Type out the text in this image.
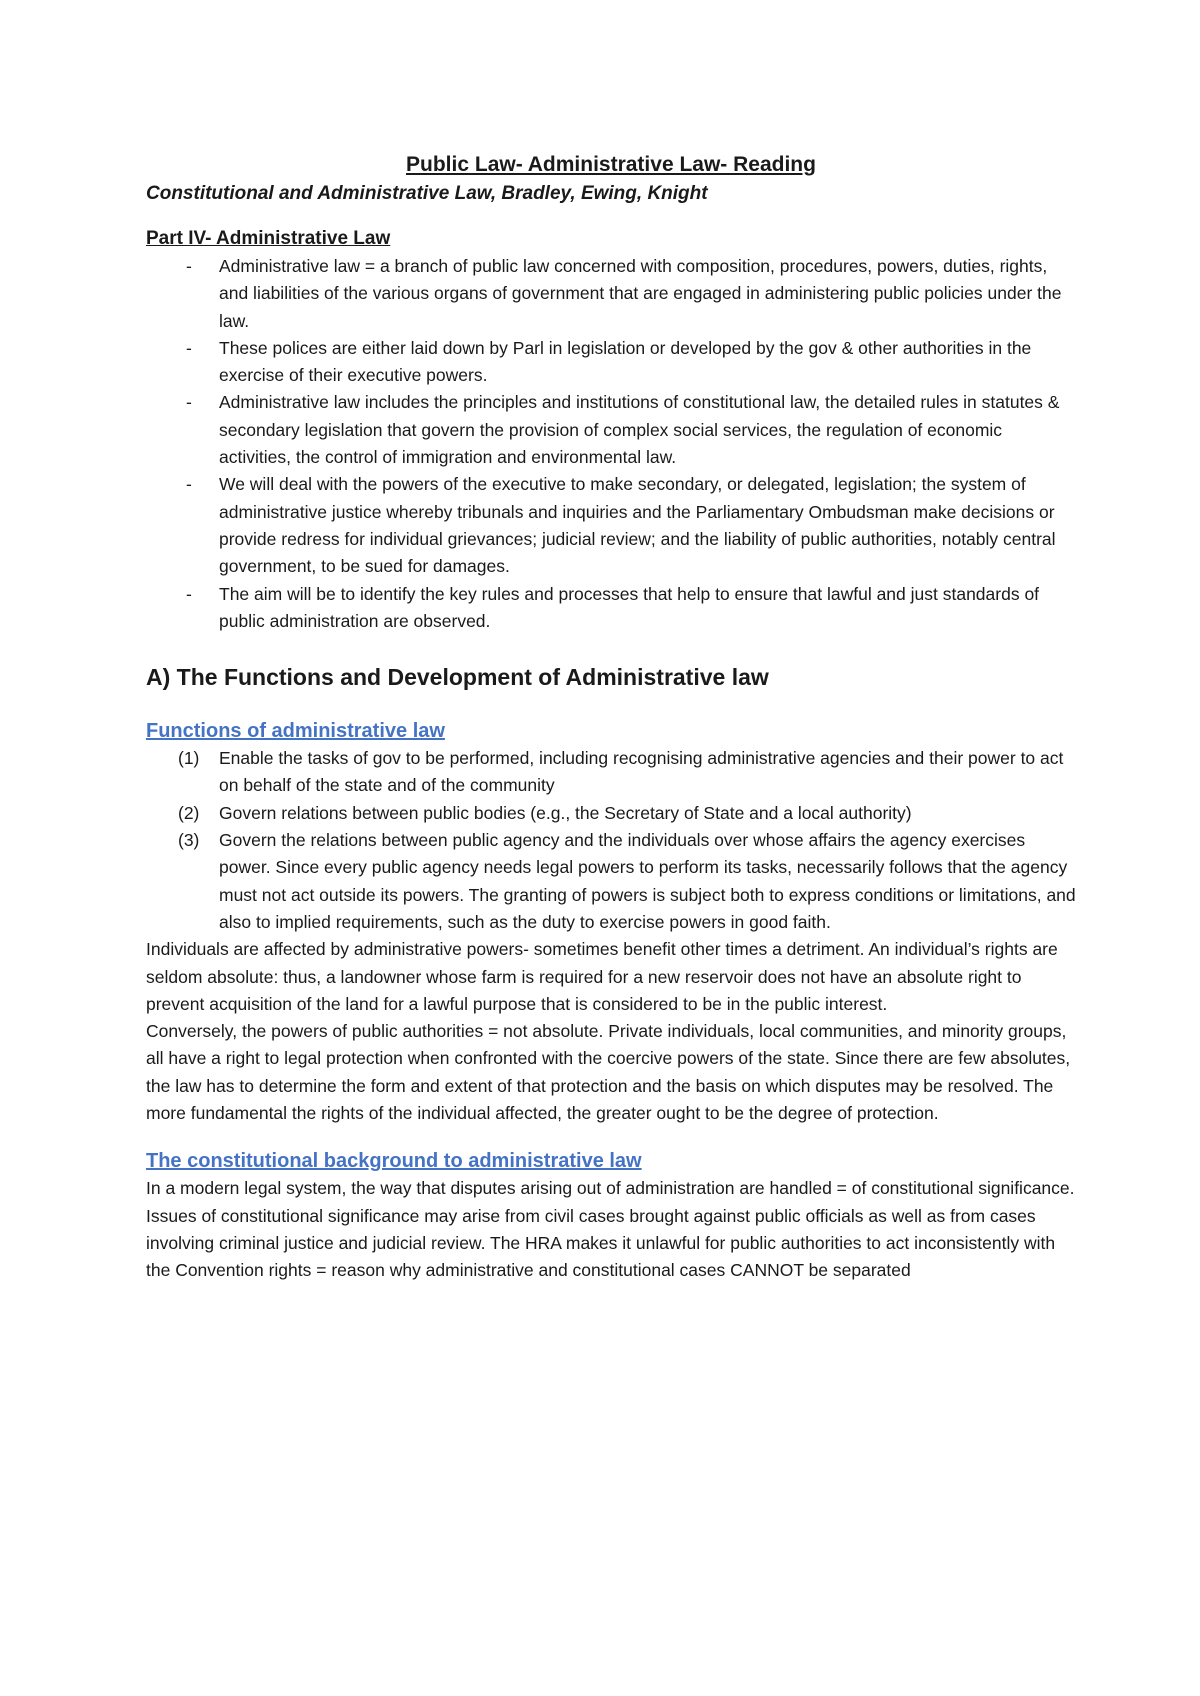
Public Law- Administrative Law- Reading

Constitutional and Administrative Law, Bradley, Ewing, Knight

Part IV- Administrative Law
- Administrative law = a branch of public law concerned with composition, procedures, powers, duties, rights, and liabilities of the various organs of government that are engaged in administering public policies under the law.
- These polices are either laid down by Parl in legislation or developed by the gov & other authorities in the exercise of their executive powers.
- Administrative law includes the principles and institutions of constitutional law, the detailed rules in statutes & secondary legislation that govern the provision of complex social services, the regulation of economic activities, the control of immigration and environmental law.
- We will deal with the powers of the executive to make secondary, or delegated, legislation; the system of administrative justice whereby tribunals and inquiries and the Parliamentary Ombudsman make decisions or provide redress for individual grievances; judicial review; and the liability of public authorities, notably central government, to be sued for damages.
- The aim will be to identify the key rules and processes that help to ensure that lawful and just standards of public administration are observed.
A) The Functions and Development of Administrative law
Functions of administrative law
(1) Enable the tasks of gov to be performed, including recognising administrative agencies and their power to act on behalf of the state and of the community
(2) Govern relations between public bodies (e.g., the Secretary of State and a local authority)
(3) Govern the relations between public agency and the individuals over whose affairs the agency exercises power. Since every public agency needs legal powers to perform its tasks, necessarily follows that the agency must not act outside its powers. The granting of powers is subject both to express conditions or limitations, and also to implied requirements, such as the duty to exercise powers in good faith.

Individuals are affected by administrative powers- sometimes benefit other times a detriment. An individual’s rights are seldom absolute: thus, a landowner whose farm is required for a new reservoir does not have an absolute right to prevent acquisition of the land for a lawful purpose that is considered to be in the public interest.

Conversely, the powers of public authorities = not absolute. Private individuals, local communities, and minority groups, all have a right to legal protection when confronted with the coercive powers of the state. Since there are few absolutes, the law has to determine the form and extent of that protection and the basis on which disputes may be resolved. The more fundamental the rights of the individual affected, the greater ought to be the degree of protection.

The constitutional background to administrative law

In a modern legal system, the way that disputes arising out of administration are handled = of constitutional significance. Issues of constitutional significance may arise from civil cases brought against public officials as well as from cases involving criminal justice and judicial review. The HRA makes it unlawful for public authorities to act inconsistently with the Convention rights = reason why administrative and constitutional cases CANNOT be separated
